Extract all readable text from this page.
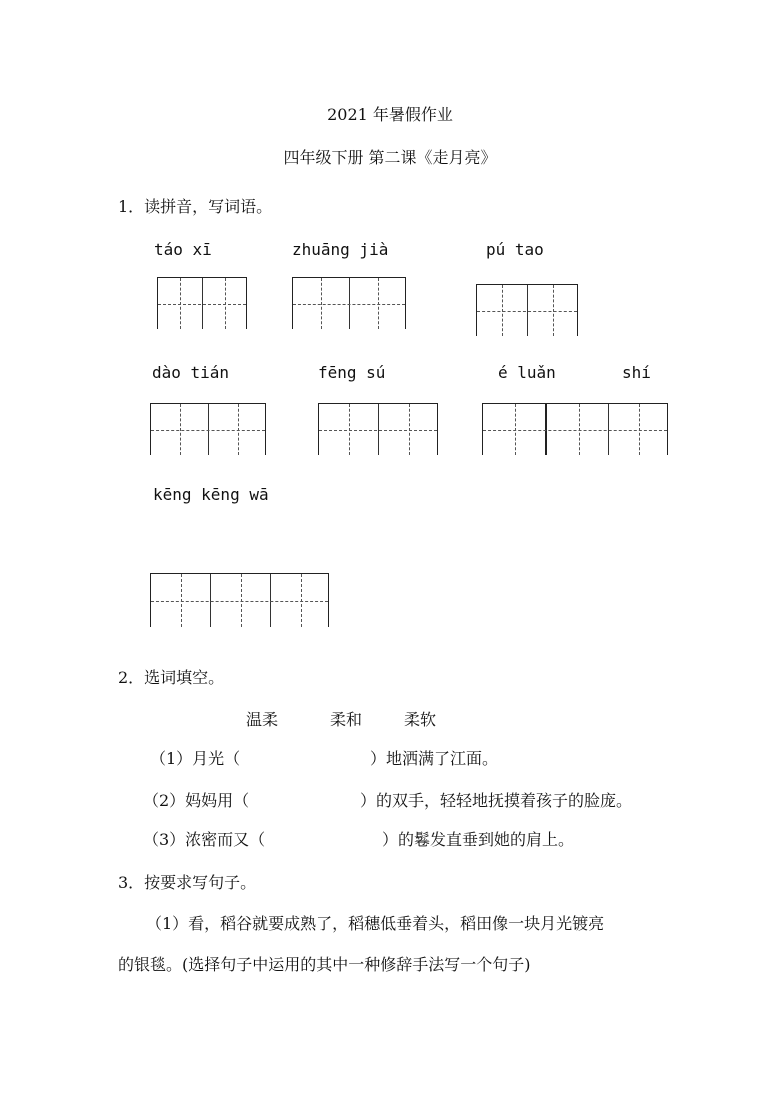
2021 年暑假作业
四年级下册 第二课《走月亮》
1．读拼音，写词语。
táo xī	zhuāng jià	pú tao
dào tián	fēng sú	é luǎn	shí
kēng kēng wā
2．选词填空。
温柔	柔和	柔软
（1）月光（	）地洒满了江面。
（2）妈妈用（	）的双手，轻轻地抚摸着孩子的脸庞。
（3）浓密而又（	）的鬈发直垂到她的肩上。
3．按要求写句子。
（1）看，稻谷就要成熟了，稻穗低垂着头，稻田像一块月光镀亮
的银毯。(选择句子中运用的其中一种修辞手法写一个句子)
